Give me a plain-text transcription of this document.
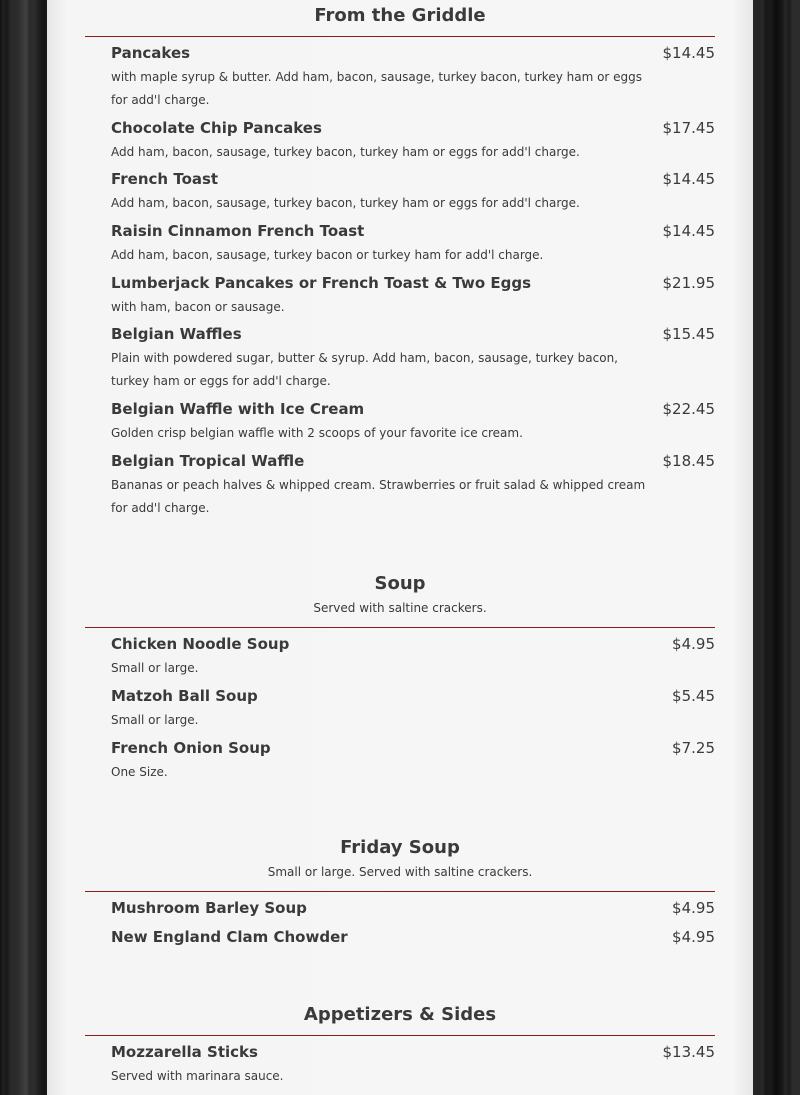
From the Griddle
Pancakes	$14.45
with maple syrup & butter. Add ham, bacon, sausage, turkey bacon, turkey ham or eggs for add'l charge.
Chocolate Chip Pancakes	$17.45
Add ham, bacon, sausage, turkey bacon, turkey ham or eggs for add'l charge.
French Toast	$14.45
Add ham, bacon, sausage, turkey bacon, turkey ham or eggs for add'l charge.
Raisin Cinnamon French Toast	$14.45
Add ham, bacon, sausage, turkey bacon or turkey ham for add'l charge.
Lumberjack Pancakes or French Toast & Two Eggs	$21.95
with ham, bacon or sausage.
Belgian Waffles	$15.45
Plain with powdered sugar, butter & syrup. Add ham, bacon, sausage, turkey bacon, turkey ham or eggs for add'l charge.
Belgian Waffle with Ice Cream	$22.45
Golden crisp belgian waffle with 2 scoops of your favorite ice cream.
Belgian Tropical Waffle	$18.45
Bananas or peach halves & whipped cream. Strawberries or fruit salad & whipped cream for add'l charge.
Soup
Served with saltine crackers.
Chicken Noodle Soup	$4.95
Small or large.
Matzoh Ball Soup	$5.45
Small or large.
French Onion Soup	$7.25
One Size.
Friday Soup
Small or large. Served with saltine crackers.
Mushroom Barley Soup	$4.95
New England Clam Chowder	$4.95
Appetizers & Sides
Mozzarella Sticks	$13.45
Served with marinara sauce.
